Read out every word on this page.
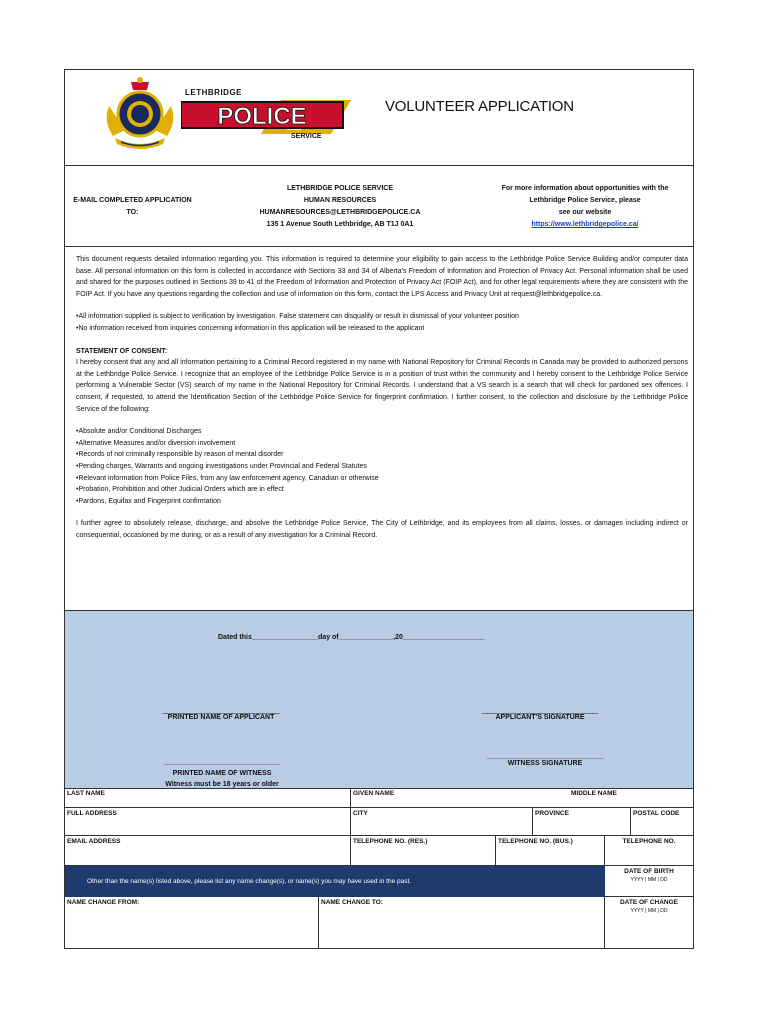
LETHBRIDGE
POLICE
SERVICE
VOLUNTEER APPLICATION
E-MAIL COMPLETED APPLICATION
TO:
LETHBRIDGE POLICE SERVICE
HUMAN RESOURCES
HUMANRESOURCES@LETHBRIDGEPOLICE.CA
135 1 Avenue South Lethbridge, AB T1J 0A1
For more information about opportunities with the
Lethbridge Police Service, please
see our website
https://www.lethbridgepolice.ca/

This document requests detailed information regarding you. This information is required to determine your eligibility to gain access to the Lethbridge Police Service Building and/or computer data base. All personal information on this form is collected in accordance with Sections 33 and 34 of Alberta's Freedom of Information and Protection of Privacy Act. Personal information shall be used and shared for the purposes outlined in Sections 39 to 41 of the Freedom of Information and Protection of Privacy Act (FOIP Act), and for other legal requirements where they are consistent with the FOIP Act. If you have any questions regarding the collection and use of information on this form, contact the LPS Access and Privacy Unit at request@lethbridgepolice.ca.

•All information supplied is subject to verification by investigation. False statement can disqualify or result in dismissal of your volunteer position
•No information received from inquiries concerning information in this application will be released to the applicant
STATEMENT OF CONSENT:

I hereby consent that any and all information pertaining to a Criminal Record registered in my name with National Repository for Criminal Records in Canada may be provided to authorized persons at the Lethbridge Police Service. I recognize that an employee of the Lethbridge Police Service is in a position of trust within the community and I hereby consent to the Lethbridge Police Service performing a Vulnerable Sector (VS) search of my name in the National Repository for Criminal Records. I understand that a VS search is a search that will check for pardoned sex offences. I consent, if requested, to attend the Identification Section of the Lethbridge Police Service for fingerprint confirmation. I further consent, to the collection and disclosure by the Lethbridge Police Service of the following:

•Absolute and/or Conditional Discharges
•Alternative Measures and/or diversion involvement
•Records of not criminally responsible by reason of mental disorder
•Pending charges, Warrants and ongoing investigations under Provincial and Federal Statutes
•Relevant information from Police Files, from any law enforcement agency, Canadian or otherwise
•Probation, Prohibition and other Judicial Orders which are in effect
•Pardons, Equifax and Fingerprint confirmation

I further agree to absolutely release, discharge, and absolve the Lethbridge Police Service, The City of Lethbridge, and its employees from all claims, losses, or damages including indirect or consequential, occasioned by me during, or as a result of any investigation for a Criminal Record.

Dated this_________________day of______________,20_____________________
______________________________
PRINTED NAME OF APPLICANT
______________________________
APPLICANT'S SIGNATURE
______________________________
PRINTED NAME OF WITNESS
Witness must be 18 years or older
______________________________
WITNESS SIGNATURE
LAST NAME	GIVEN NAME	MIDDLE NAME
FULL ADDRESS	CITY	PROVINCE	POSTAL CODE
EMAIL ADDRESS	TELEPHONE NO. (RES.)	TELEPHONE NO. (BUS.)	TELEPHONE NO.
Other than the name(s) listed above, please list any name change(s), or name(s) you may have used in the past.
DATE OF BIRTH
YYYY | MM | DD
NAME CHANGE FROM:	NAME CHANGE TO:	DATE OF CHANGE
YYYY | MM | DD
